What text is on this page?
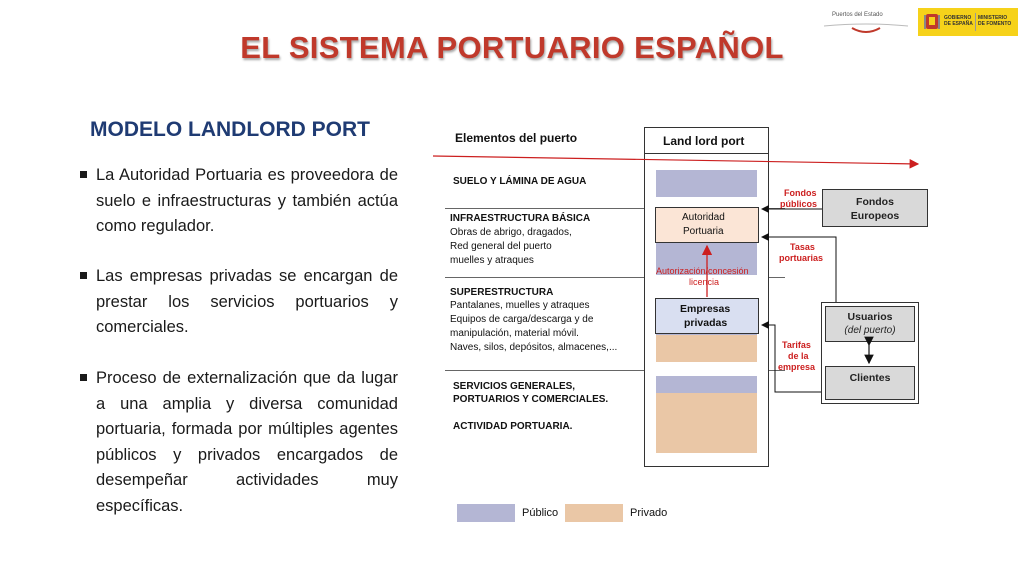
Puertos del Estado	GOBIERNO DE ESPAÑA
MINISTERIO DE FOMENTO
EL SISTEMA PORTUARIO ESPAÑOL
MODELO LANDLORD PORT
La Autoridad Portuaria es proveedora de suelo e infraestructuras y también actúa como regulador.
Las empresas privadas se encargan de prestar los servicios portuarios y comerciales.
Proceso de externalización que da lugar a una amplia y diversa comunidad portuaria, formada por múltiples agentes públicos y privados encargados de desempeñar actividades muy específicas.
Land lord port
Elementos del puerto
Autoridad
Portuaria
Empresas
privadas
SUELO Y LÁMINA DE AGUA
INFRAESTRUCTURA BÁSICA
Obras de abrigo, dragados,
Red general del puerto
muelles y atraques
SUPERESTRUCTURA
Pantalanes, muelles y atraques
Equipos de carga/descarga y de
manipulación, material móvil.
Naves, silos, depósitos, almacenes,...
SERVICIOS GENERALES,
PORTUARIOS Y COMERCIALES.
ACTIVIDAD PORTUARIA.
Autorización/concesión
licencia
Fondos
Europeos
Usuarios
(del puerto)
Clientes
Fondos
públicos
Tasas
portuarias
Tarifas
de la
empresa
Público	Privado
